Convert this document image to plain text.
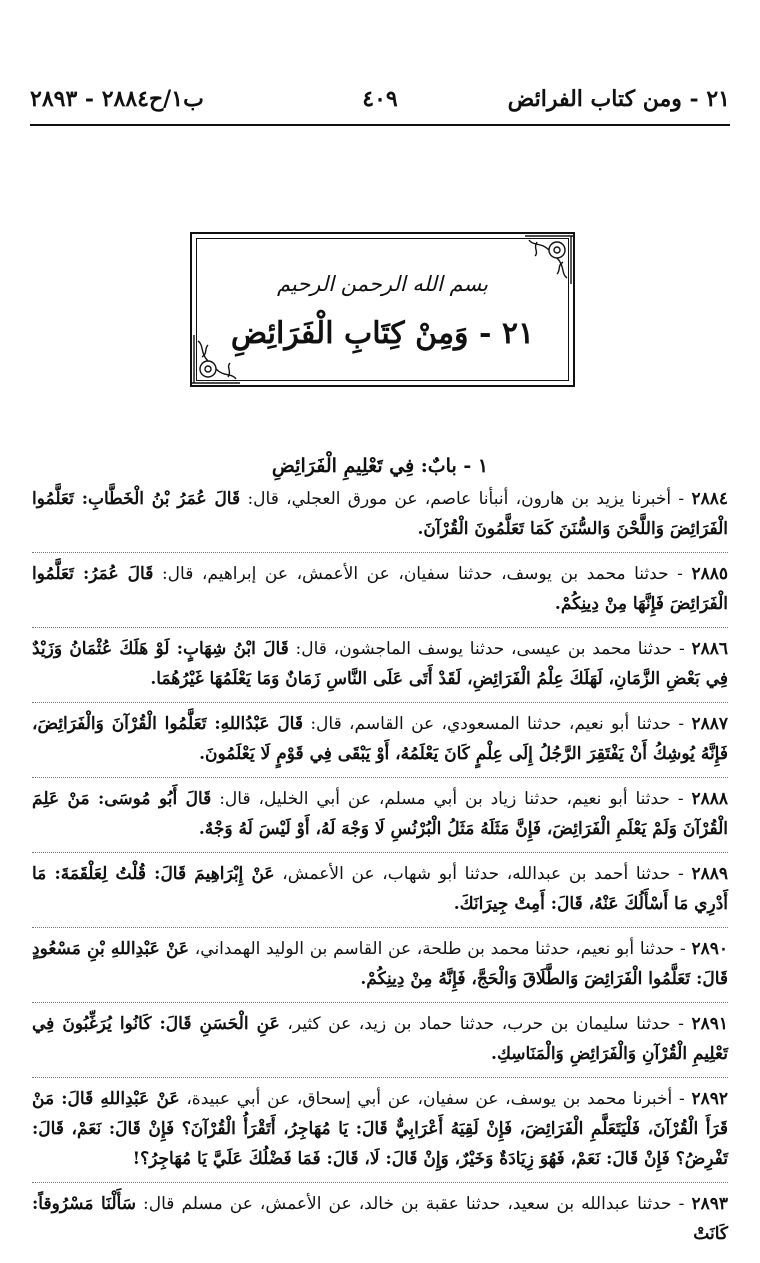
٢١ - ومن كتاب الفرائض
٤٠٩
ب١/ح٢٨٨٤ - ٢٨٩٣
بسم الله الرحمن الرحيم
٢١ - وَمِنْ كِتَابِ الْفَرَائِضِ
١ - بابٌ: فِي تَعْلِيمِ الْفَرَائِضِ

٢٨٨٤ - أخبرنا يزيد بن هارون، أنبأنا عاصم، عن مورق العجلي، قال: قَالَ عُمَرُ بْنُ الْخَطَّابِ: تَعَلَّمُوا الْفَرَائِضَ وَاللَّحْنَ وَالسُّنَنَ كَمَا تَعَلَّمُونَ الْقُرْآنَ.

٢٨٨٥ - حدثنا محمد بن يوسف، حدثنا سفيان، عن الأعمش، عن إبراهيم، قال: قَالَ عُمَرُ: تَعَلَّمُوا الْفَرَائِضَ فَإِنَّهَا مِنْ دِينِكُمْ.

٢٨٨٦ - حدثنا محمد بن عيسى، حدثنا يوسف الماجشون، قال: قَالَ ابْنُ شِهَابٍ: لَوْ هَلَكَ عُثْمَانُ وَزَيْدٌ فِي بَعْضِ الزَّمَانِ، لَهَلَكَ عِلْمُ الْفَرَائِضِ، لَقَدْ أَتَى عَلَى النَّاسِ زَمَانٌ وَمَا يَعْلَمُهَا غَيْرُهُمَا.

٢٨٨٧ - حدثنا أبو نعيم، حدثنا المسعودي، عن القاسم، قال: قَالَ عَبْدُاللهِ: تَعَلَّمُوا الْقُرْآنَ وَالْفَرَائِضَ، فَإِنَّهُ يُوشِكُ أَنْ يَفْتَقِرَ الرَّجُلُ إِلَى عِلْمٍ كَانَ يَعْلَمُهُ، أَوْ يَبْقَى فِي قَوْمٍ لَا يَعْلَمُونَ.

٢٨٨٨ - حدثنا أبو نعيم، حدثنا زياد بن أبي مسلم، عن أبي الخليل، قال: قَالَ أَبُو مُوسَى: مَنْ عَلِمَ الْقُرْآنَ وَلَمْ يَعْلَمِ الْفَرَائِضَ، فَإِنَّ مَثَلَهُ مَثَلُ الْبُرْنُسِ لَا وَجْهَ لَهُ، أَوْ لَيْسَ لَهُ وَجْهٌ.

٢٨٨٩ - حدثنا أحمد بن عبدالله، حدثنا أبو شهاب، عن الأعمش، عَنْ إِبْرَاهِيمَ قَالَ: قُلْتُ لِعَلْقَمَةَ: مَا أَدْرِي مَا أَسْأَلُكَ عَنْهُ، قَالَ: أَمِتْ جِيرَانَكَ.

٢٨٩٠ - حدثنا أبو نعيم، حدثنا محمد بن طلحة، عن القاسم بن الوليد الهمداني، عَنْ عَبْدِاللهِ بْنِ مَسْعُودٍ قَالَ: تَعَلَّمُوا الْفَرَائِضَ وَالطَّلَاقَ وَالْحَجَّ، فَإِنَّهُ مِنْ دِينِكُمْ.

٢٨٩١ - حدثنا سليمان بن حرب، حدثنا حماد بن زيد، عن كثير، عَنِ الْحَسَنِ قَالَ: كَانُوا يُرَغِّبُونَ فِي تَعْلِيمِ الْقُرْآنِ وَالْفَرَائِضِ وَالْمَنَاسِكِ.

٢٨٩٢ - أخبرنا محمد بن يوسف، عن سفيان، عن أبي إسحاق، عن أبي عبيدة، عَنْ عَبْدِاللهِ قَالَ: مَنْ قَرَأَ الْقُرْآنَ، فَلْيَتَعَلَّمِ الْفَرَائِضَ، فَإِنْ لَقِيَهُ أَعْرَابِيٌّ قَالَ: يَا مُهَاجِرُ، أَتَقْرَأُ الْقُرْآنَ؟ فَإِنْ قَالَ: نَعَمْ، قَالَ: تَفْرِضُ؟ فَإِنْ قَالَ: نَعَمْ، فَهُوَ زِيَادَةٌ وَخَيْرٌ، وَإِنْ قَالَ: لَا، قَالَ: فَمَا فَضْلُكَ عَلَيَّ يَا مُهَاجِرُ؟!

٢٨٩٣ - حدثنا عبدالله بن سعيد، حدثنا عقبة بن خالد، عن الأعمش، عن مسلم قال: سَأَلْنَا مَسْرُوقاً: كَانَتْ
